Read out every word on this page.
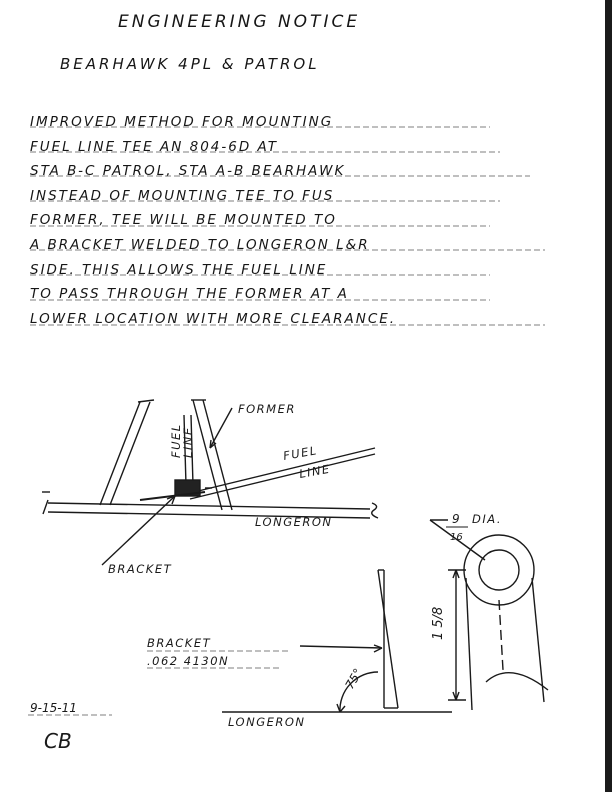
ENGINEERING NOTICE
BEARHAWK 4PL & PATROL
IMPROVED METHOD FOR MOUNTING
FUEL LINE TEE AN 804-6D AT
STA B-C PATROL, STA A-B BEARHAWK
INSTEAD OF MOUNTING TEE TO FUS
FORMER, TEE WILL BE MOUNTED TO
A BRACKET WELDED TO LONGERON L&R
SIDE. THIS ALLOWS THE FUEL LINE
TO PASS THROUGH THE FORMER AT A
LOWER LOCATION WITH MORE CLEARANCE.
FORMER
FUEL
LINE	FUEL
LINE
LONGERON
BRACKET
9
16
DIA.
1 5/8
75°
BRACKET
.062 4130N
LONGERON
9-15-11
CB
